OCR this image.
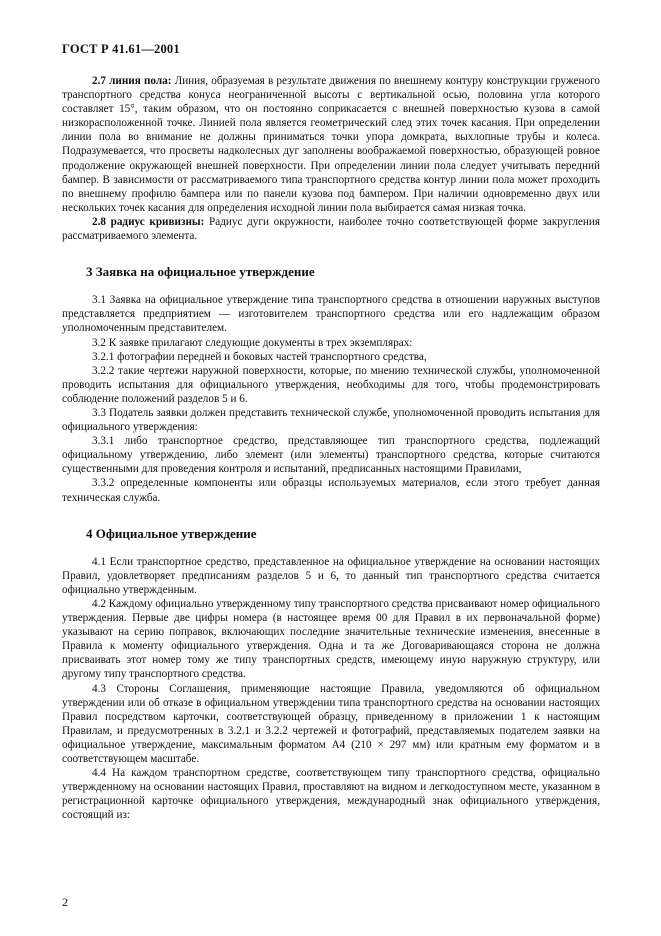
ГОСТ Р 41.61—2001

2.7 линия пола: Линия, образуемая в результате движения по внешнему контуру конструкции груженого транспортного средства конуса неограниченной высоты с вертикальной осью, половина угла которого составляет 15°, таким образом, что он постоянно соприкасается с внешней поверхностью кузова в самой низкорасположенной точке. Линией пола является геометрический след этих точек касания. При определении линии пола во внимание не должны приниматься точки упора домкрата, выхлопные трубы и колеса. Подразумевается, что просветы надколесных дуг заполнены воображаемой поверхностью, образующей ровное продолжение окружающей внешней поверхности. При определении линии пола следует учитывать передний бампер. В зависимости от рассматриваемого типа транспортного средства контур линии пола может проходить по внешнему профилю бампера или по панели кузова под бампером. При наличии одновременно двух или нескольких точек касания для определения исходной линии пола выбирается самая низкая точка.

2.8 радиус кривизны: Радиус дуги окружности, наиболее точно соответствующей форме закругления рассматриваемого элемента.

3 Заявка на официальное утверждение

3.1 Заявка на официальное утверждение типа транспортного средства в отношении наружных выступов представляется предприятием — изготовителем транспортного средства или его надлежащим образом уполномоченным представителем.

3.2 К заявке прилагают следующие документы в трех экземплярах:

3.2.1 фотографии передней и боковых частей транспортного средства,

3.2.2 такие чертежи наружной поверхности, которые, по мнению технической службы, уполномоченной проводить испытания для официального утверждения, необходимы для того, чтобы продемонстрировать соблюдение положений разделов 5 и 6.

3.3 Податель заявки должен представить технической службе, уполномоченной проводить испытания для официального утверждения:

3.3.1 либо транспортное средство, представляющее тип транспортного средства, подлежащий официальному утверждению, либо элемент (или элементы) транспортного средства, которые считаются существенными для проведения контроля и испытаний, предписанных настоящими Правилами,

3.3.2 определенные компоненты или образцы используемых материалов, если этого требует данная техническая служба.

4 Официальное утверждение

4.1 Если транспортное средство, представленное на официальное утверждение на основании настоящих Правил, удовлетворяет предписаниям разделов 5 и 6, то данный тип транспортного средства считается официально утвержденным.

4.2 Каждому официально утвержденному типу транспортного средства присваивают номер официального утверждения. Первые две цифры номера (в настоящее время 00 для Правил в их первоначальной форме) указывают на серию поправок, включающих последние значительные технические изменения, внесенные в Правила к моменту официального утверждения. Одна и та же Договаривающаяся сторона не должна присваивать этот номер тому же типу транспортных средств, имеющему иную наружную структуру, или другому типу транспортного средства.

4.3 Стороны Соглашения, применяющие настоящие Правила, уведомляются об официальном утверждении или об отказе в официальном утверждении типа транспортного средства на основании настоящих Правил посредством карточки, соответствующей образцу, приведенному в приложении 1 к настоящим Правилам, и предусмотренных в 3.2.1 и 3.2.2 чертежей и фотографий, представляемых подателем заявки на официальное утверждение, максимальным форматом А4 (210 × 297 мм) или кратным ему форматом и в соответствующем масштабе.

4.4 На каждом транспортном средстве, соответствующем типу транспортного средства, официально утвержденному на основании настоящих Правил, проставляют на видном и легкодоступном месте, указанном в регистрационной карточке официального утверждения, международный знак официального утверждения, состоящий из:

2
